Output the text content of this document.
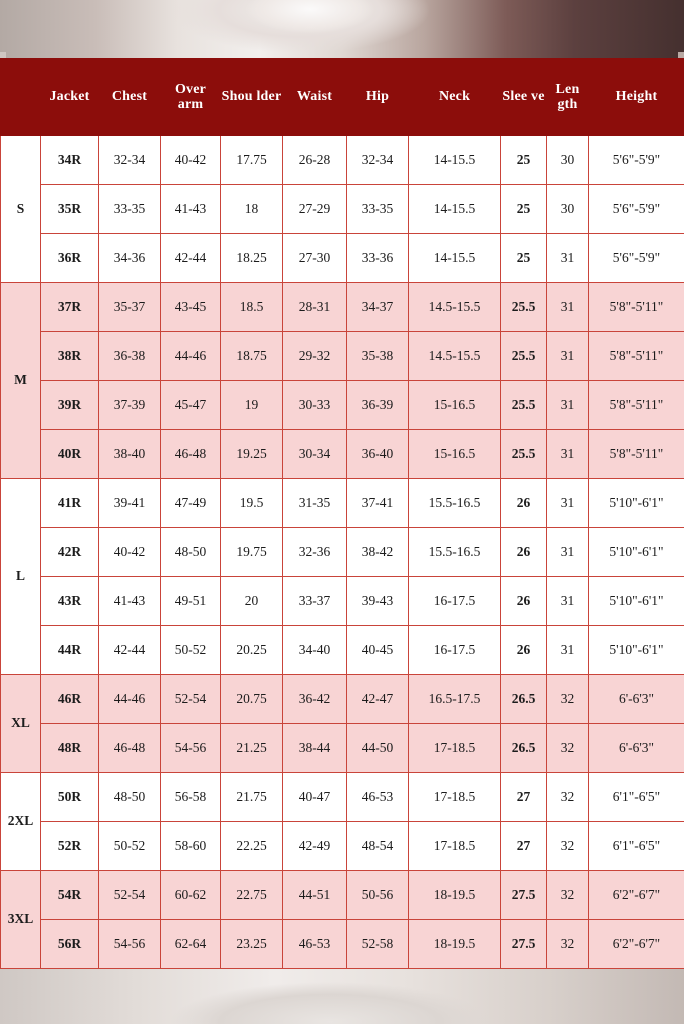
	Jacket	Chest	Over arm	Shou lder	Waist	Hip	Neck	Slee ve	Len gth	Height
S	34R	32-34	40-42	17.75	26-28	32-34	14-15.5	25	30	5'6"-5'9"
	35R	33-35	41-43	18	27-29	33-35	14-15.5	25	30	5'6"-5'9"
	36R	34-36	42-44	18.25	27-30	33-36	14-15.5	25	31	5'6"-5'9"
M	37R	35-37	43-45	18.5	28-31	34-37	14.5-15.5	25.5	31	5'8"-5'11"
	38R	36-38	44-46	18.75	29-32	35-38	14.5-15.5	25.5	31	5'8"-5'11"
	39R	37-39	45-47	19	30-33	36-39	15-16.5	25.5	31	5'8"-5'11"
	40R	38-40	46-48	19.25	30-34	36-40	15-16.5	25.5	31	5'8"-5'11"
L	41R	39-41	47-49	19.5	31-35	37-41	15.5-16.5	26	31	5'10"-6'1"
	42R	40-42	48-50	19.75	32-36	38-42	15.5-16.5	26	31	5'10"-6'1"
	43R	41-43	49-51	20	33-37	39-43	16-17.5	26	31	5'10"-6'1"
	44R	42-44	50-52	20.25	34-40	40-45	16-17.5	26	31	5'10"-6'1"
XL	46R	44-46	52-54	20.75	36-42	42-47	16.5-17.5	26.5	32	6'-6'3"
	48R	46-48	54-56	21.25	38-44	44-50	17-18.5	26.5	32	6'-6'3"
2XL	50R	48-50	56-58	21.75	40-47	46-53	17-18.5	27	32	6'1"-6'5"
	52R	50-52	58-60	22.25	42-49	48-54	17-18.5	27	32	6'1"-6'5"
3XL	54R	52-54	60-62	22.75	44-51	50-56	18-19.5	27.5	32	6'2"-6'7"
	56R	54-56	62-64	23.25	46-53	52-58	18-19.5	27.5	32	6'2"-6'7"
